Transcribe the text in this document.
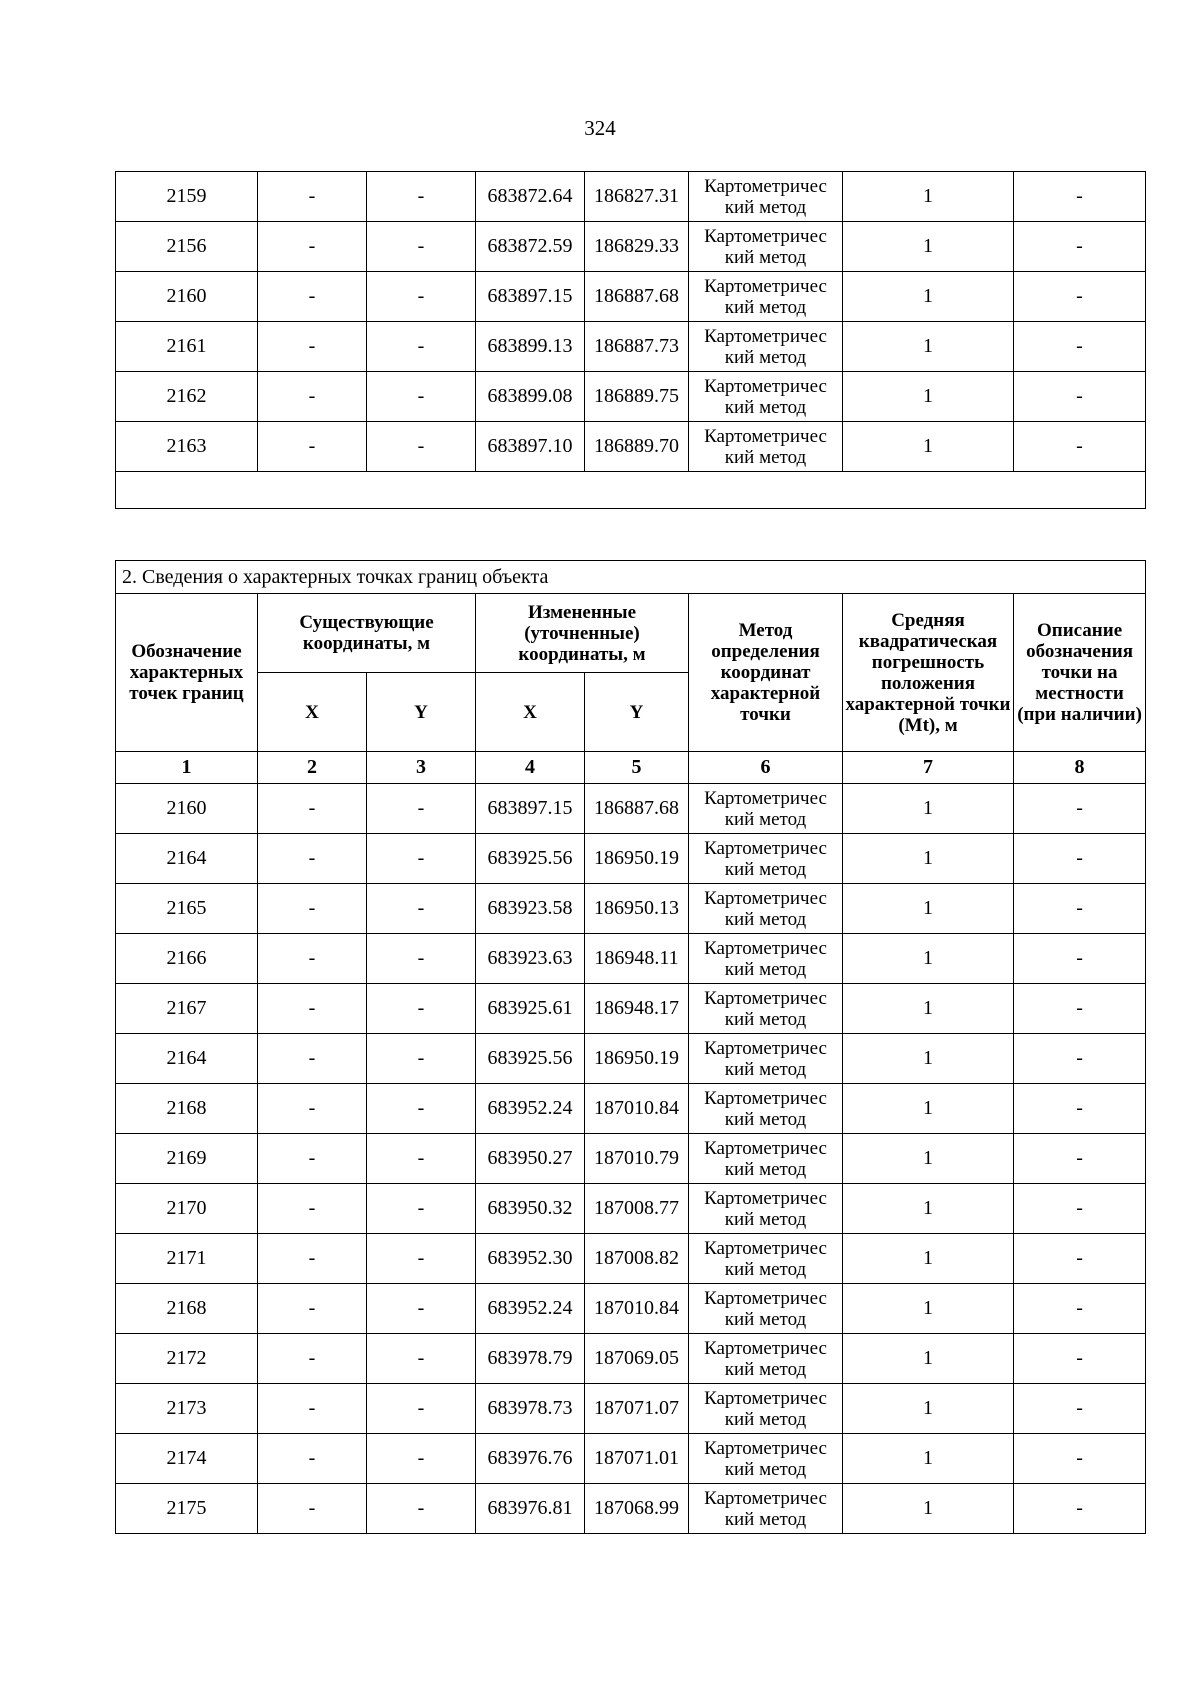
324
2159	-	-	683872.64	186827.31	Картометричес
кий метод	1	-
2156	-	-	683872.59	186829.33	Картометричес
кий метод	1	-
2160	-	-	683897.15	186887.68	Картометричес
кий метод	1	-
2161	-	-	683899.13	186887.73	Картометричес
кий метод	1	-
2162	-	-	683899.08	186889.75	Картометричес
кий метод	1	-
2163	-	-	683897.10	186889.70	Картометричес
кий метод	1	-

2. Сведения о характерных точках границ объекта							
Обозначение характерных точек границ	Существующие координаты, м		Измененные (уточненные) координаты, м		Метод определения координат характерной точки	Средняя квадратическая погрешность положения характерной точки (Mt), м	Описание обозначения точки на местности (при наличии)
	X	Y	X	Y			
1	2	3	4	5	6	7	8
2160	-	-	683897.15	186887.68	Картометричес
кий метод	1	-
2164	-	-	683925.56	186950.19	Картометричес
кий метод	1	-
2165	-	-	683923.58	186950.13	Картометричес
кий метод	1	-
2166	-	-	683923.63	186948.11	Картометричес
кий метод	1	-
2167	-	-	683925.61	186948.17	Картометричес
кий метод	1	-
2164	-	-	683925.56	186950.19	Картометричес
кий метод	1	-
2168	-	-	683952.24	187010.84	Картометричес
кий метод	1	-
2169	-	-	683950.27	187010.79	Картометричес
кий метод	1	-
2170	-	-	683950.32	187008.77	Картометричес
кий метод	1	-
2171	-	-	683952.30	187008.82	Картометричес
кий метод	1	-
2168	-	-	683952.24	187010.84	Картометричес
кий метод	1	-
2172	-	-	683978.79	187069.05	Картометричес
кий метод	1	-
2173	-	-	683978.73	187071.07	Картометричес
кий метод	1	-
2174	-	-	683976.76	187071.01	Картометричес
кий метод	1	-
2175	-	-	683976.81	187068.99	Картометричес
кий метод	1	-
